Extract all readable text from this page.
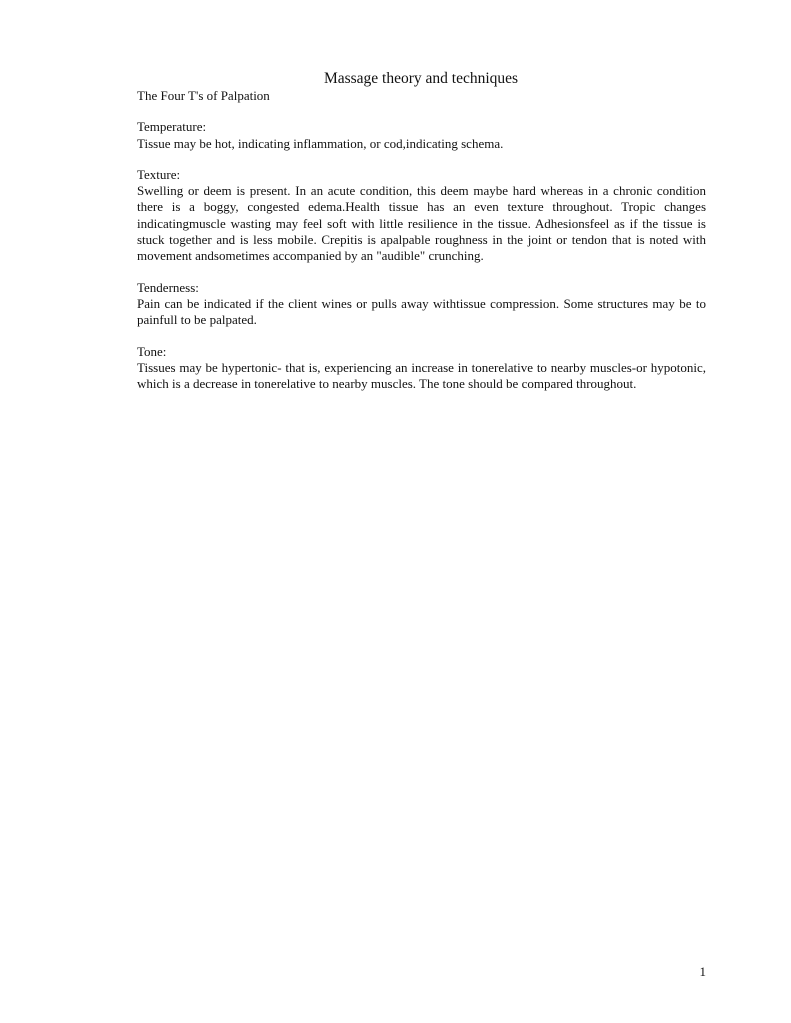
Massage theory and techniques
The Four T's of Palpation
Temperature:
Tissue may be hot, indicating inflammation, or cod,indicating schema.
Texture:
Swelling or deem is present. In an acute condition, this deem maybe hard whereas in a chronic condition there is a boggy, congested edema.Health tissue has an even texture throughout. Tropic changes indicatingmuscle wasting may feel soft with little resilience in the tissue. Adhesionsfeel as if the tissue is stuck together and is less mobile. Crepitis is apalpable roughness in the joint or tendon that is noted with movement andsometimes accompanied by an "audible" crunching.
Tenderness:
Pain can be indicated if the client wines or pulls away withtissue compression. Some structures may be to painfull to be palpated.
Tone:
Tissues may be hypertonic- that is, experiencing an increase in tonerelative to nearby muscles-or hypotonic, which is a decrease in tonerelative to nearby muscles. The tone should be compared throughout.
1
